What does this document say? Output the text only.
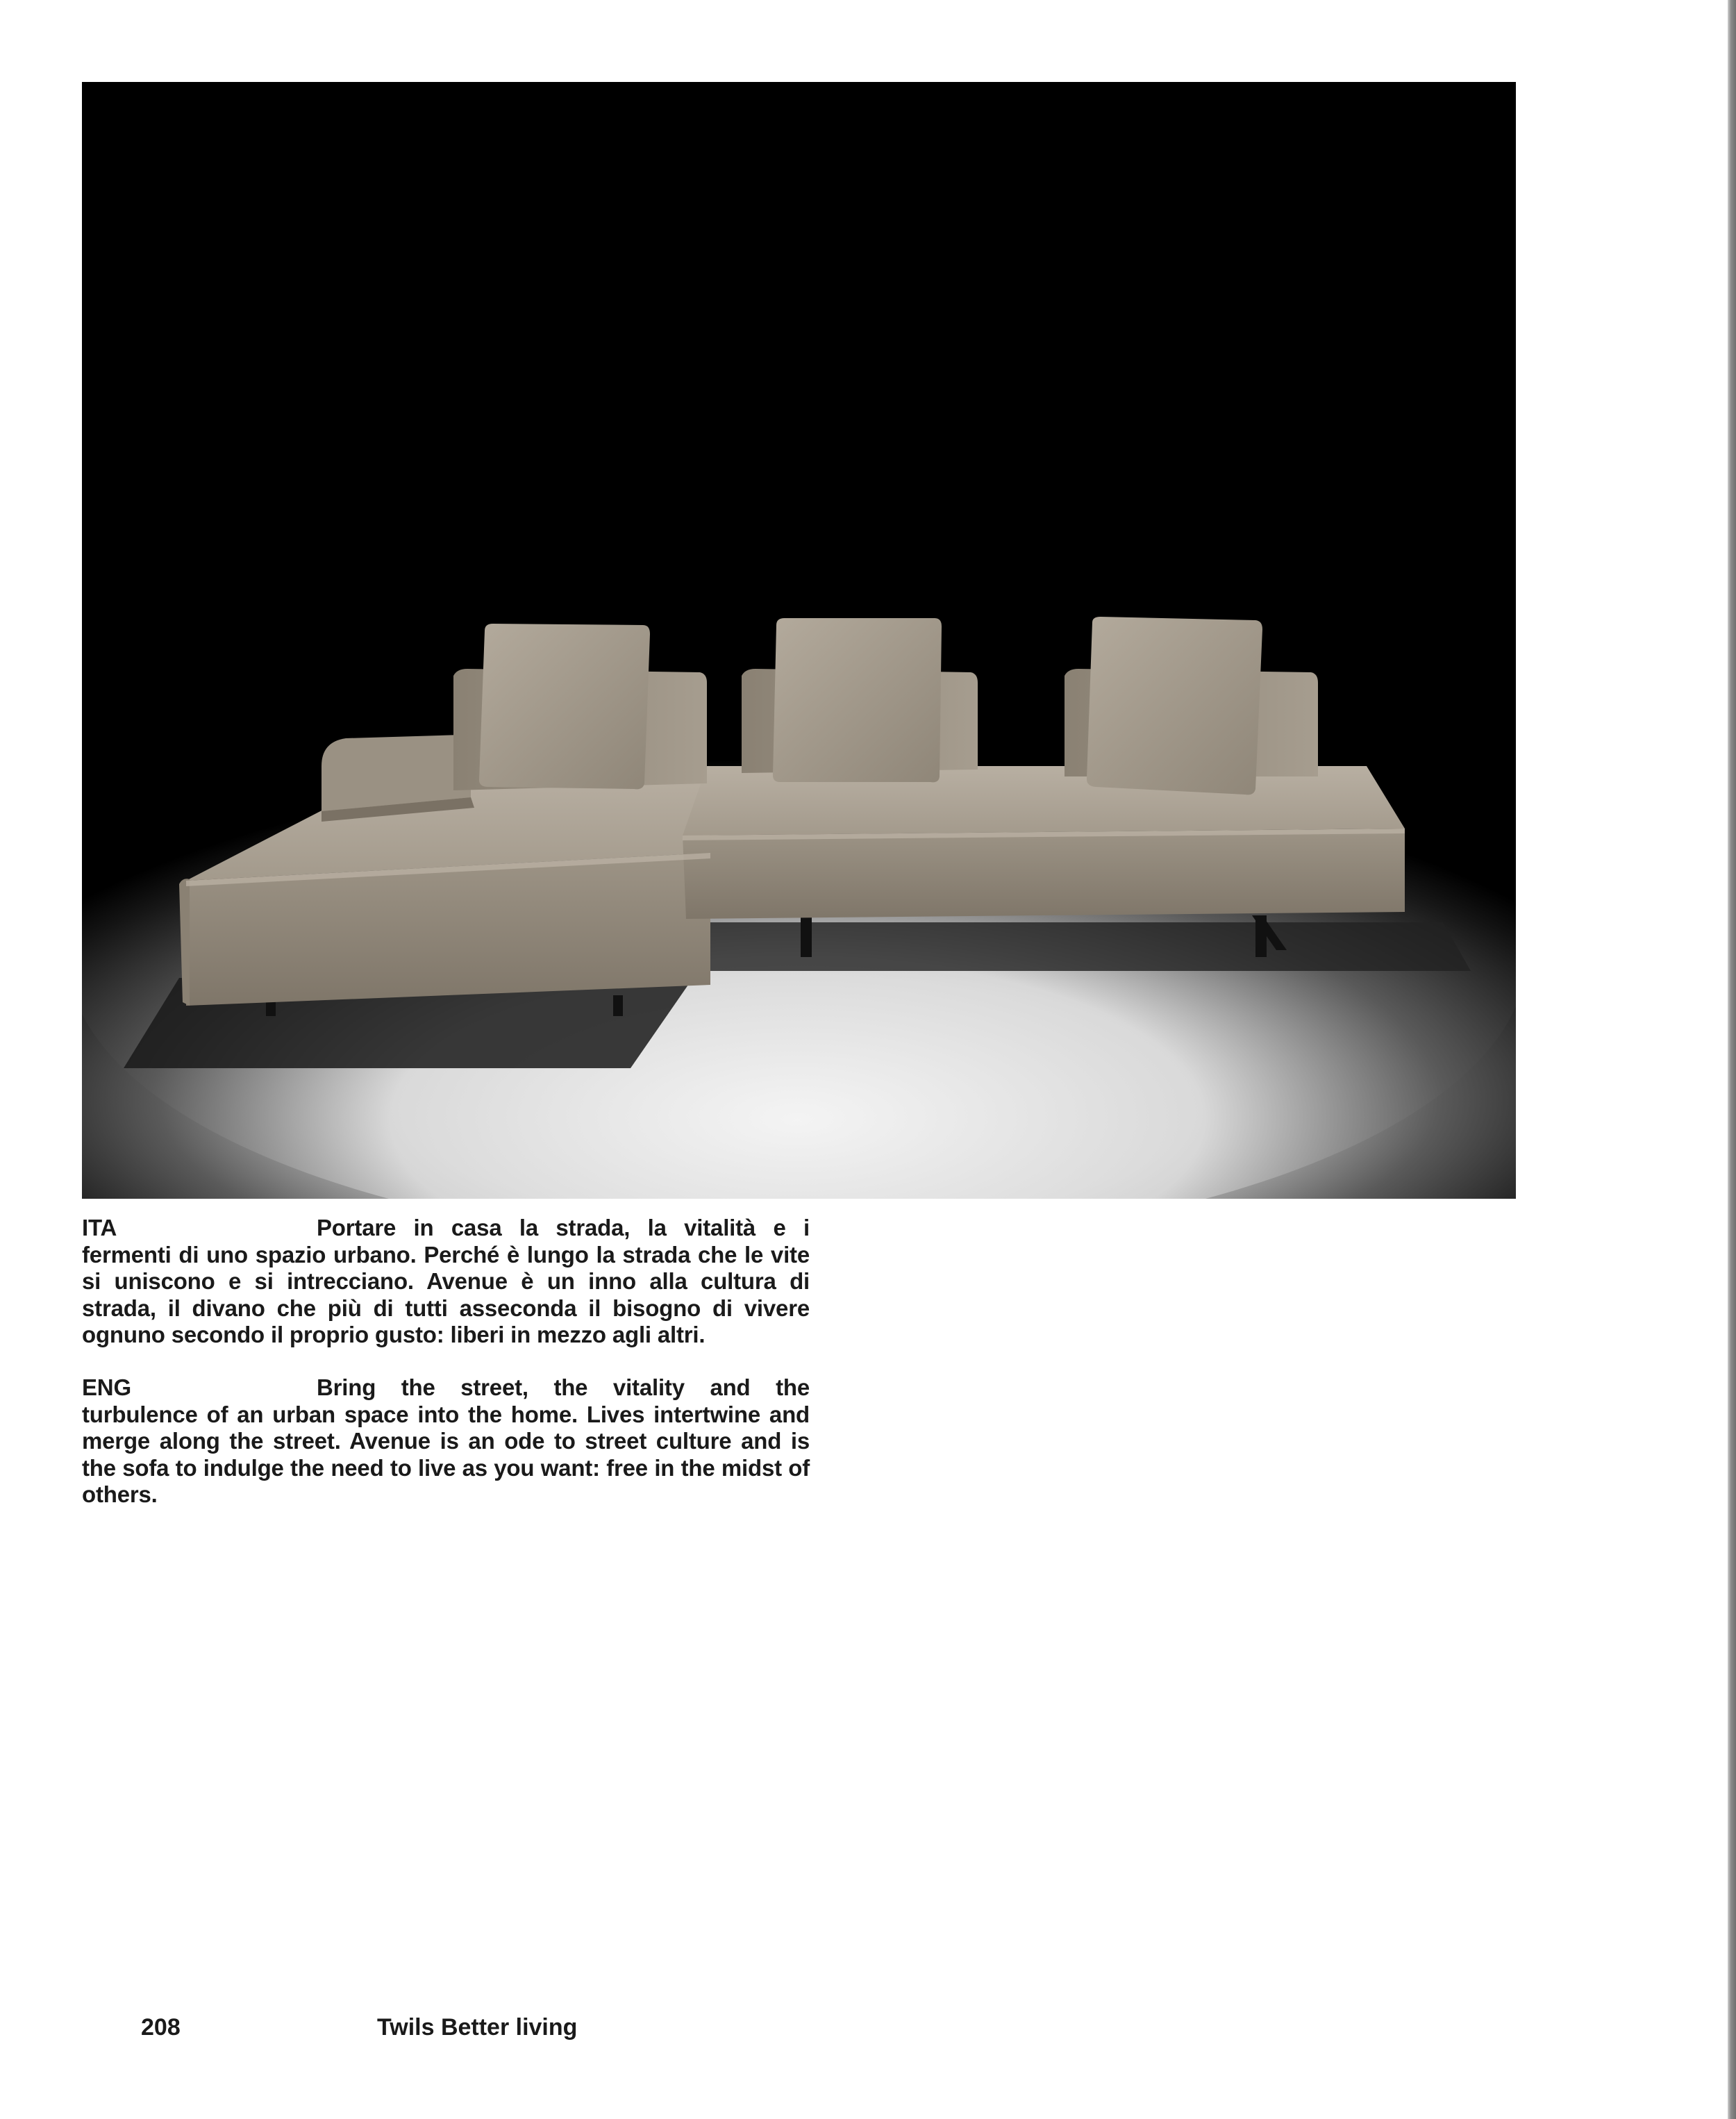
ITA	Portare in casa la strada, la vitalità e i fermenti di uno spazio urbano. Perché è lungo la strada che le vite si uniscono e si intrecciano. Avenue è un inno alla cultura di strada, il divano che più di tutti asseconda il bisogno di vivere ognuno secondo il proprio gusto: liberi in mezzo agli altri.
ENG	Bring the street, the vitality and the turbulence of an urban space into the home. Lives intertwine and merge along the street. Avenue is an ode to street culture and is the sofa to indulge the need to live as you want: free in the midst of others.
208	Twils Better living
